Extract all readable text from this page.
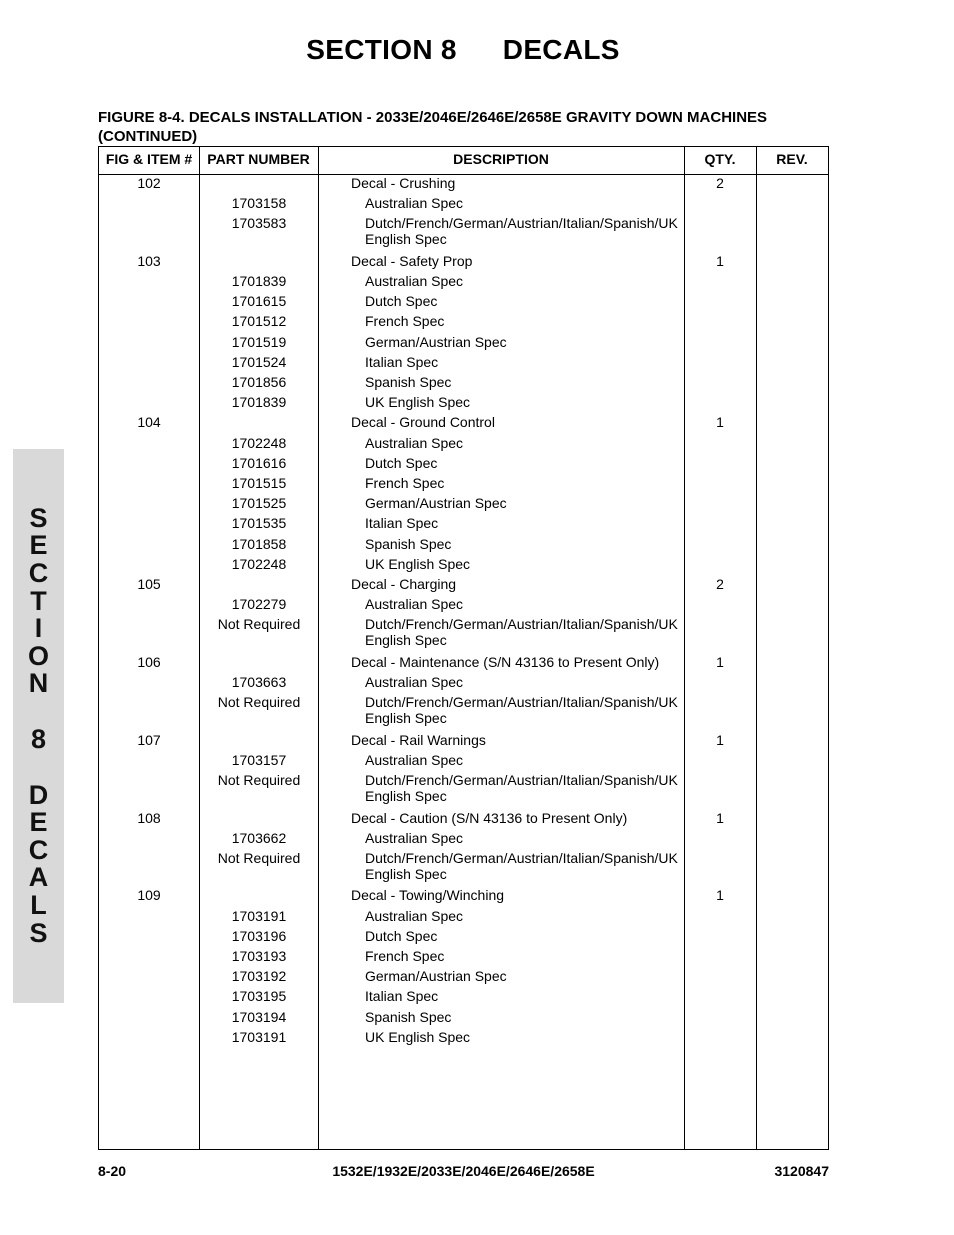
SECTION 8 DECALS
FIGURE 8-4. DECALS INSTALLATION - 2033E/2046E/2646E/2658E GRAVITY DOWN MACHINES (CONTINUED)
S
E
C
T
I
O
N
8
D
E
C
A
L
S
FIG & ITEM #	PART NUMBER	DESCRIPTION	QTY.	REV.
102	Decal - Crushing	2
1703158	Australian Spec
1703583	Dutch/French/German/Austrian/Italian/Spanish/UK English Spec
103	Decal - Safety Prop	1
1701839	Australian Spec
1701615	Dutch Spec
1701512	French Spec
1701519	German/Austrian Spec
1701524	Italian Spec
1701856	Spanish Spec
1701839	UK English Spec
104	Decal - Ground Control	1
1702248	Australian Spec
1701616	Dutch Spec
1701515	French Spec
1701525	German/Austrian Spec
1701535	Italian Spec
1701858	Spanish Spec
1702248	UK English Spec
105	Decal - Charging	2
1702279	Australian Spec
Not Required	Dutch/French/German/Austrian/Italian/Spanish/UK English Spec
106	Decal - Maintenance (S/N 43136 to Present Only)	1
1703663	Australian Spec
Not Required	Dutch/French/German/Austrian/Italian/Spanish/UK English Spec
107	Decal - Rail Warnings	1
1703157	Australian Spec
Not Required	Dutch/French/German/Austrian/Italian/Spanish/UK English Spec
108	Decal - Caution (S/N 43136 to Present Only)	1
1703662	Australian Spec
Not Required	Dutch/French/German/Austrian/Italian/Spanish/UK English Spec
109	Decal - Towing/Winching	1
1703191	Australian Spec
1703196	Dutch Spec
1703193	French Spec
1703192	German/Austrian Spec
1703195	Italian Spec
1703194	Spanish Spec
1703191	UK English Spec
8-20	1532E/1932E/2033E/2046E/2646E/2658E	3120847
